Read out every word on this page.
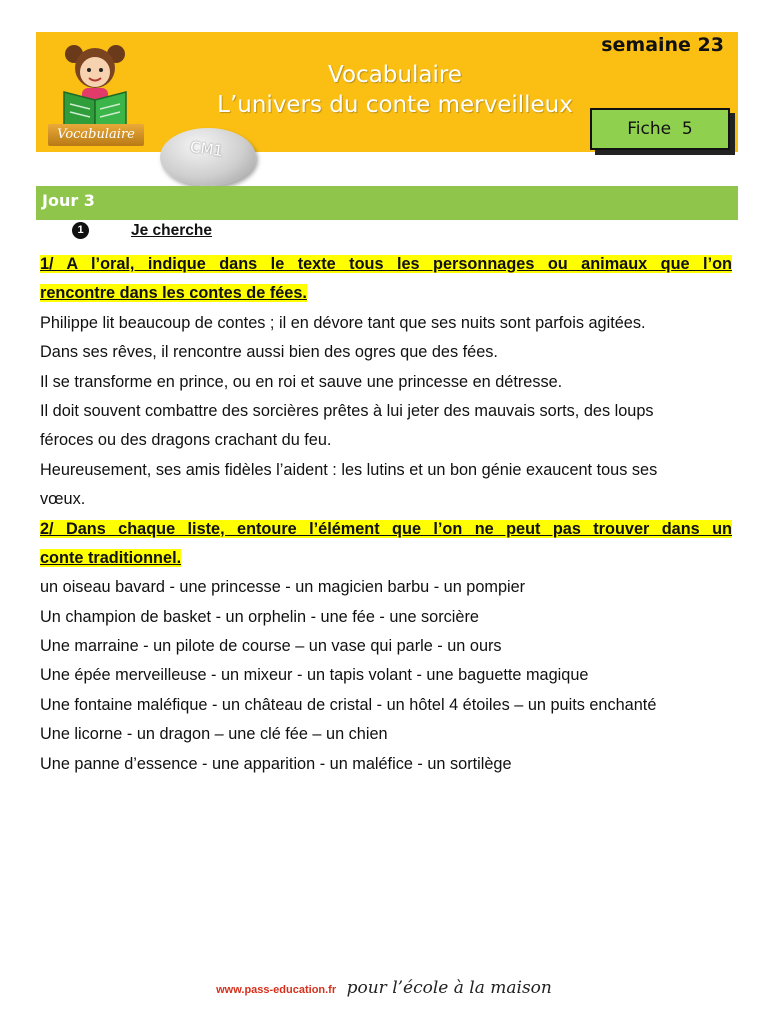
Vocabulaire
semaine 23
Vocabulaire
L’univers du conte merveilleux
Fiche  5
CM1
Jour 3
1	Je cherche

1/ A l’oral, indique dans le texte tous les personnages ou animaux que l’on

rencontre dans les contes de fées.

Philippe lit beaucoup de contes ; il en dévore tant que ses nuits sont parfois agitées.

Dans ses rêves, il rencontre aussi bien des ogres que des fées.

Il se transforme en prince, ou en roi et sauve une princesse en détresse.

Il doit souvent combattre des sorcières prêtes à lui jeter des mauvais sorts, des loups

féroces ou des dragons crachant du feu.

Heureusement, ses amis fidèles l’aident : les lutins et un bon génie exaucent tous ses

vœux.

2/ Dans chaque liste, entoure l’élément que l’on ne peut pas trouver dans un

conte traditionnel.

un oiseau bavard - une princesse - un magicien barbu - un pompier

Un champion de basket - un orphelin - une fée - une sorcière

Une marraine - un pilote de course – un vase qui parle - un ours

Une épée merveilleuse - un mixeur - un tapis volant - une baguette magique

Une fontaine maléfique - un château de cristal - un hôtel 4 étoiles – un puits enchanté

Une licorne - un dragon – une clé fée – un chien

Une panne d’essence - une apparition - un maléfice - un sortilège

www.pass-education.fr pour l’école à la maison
